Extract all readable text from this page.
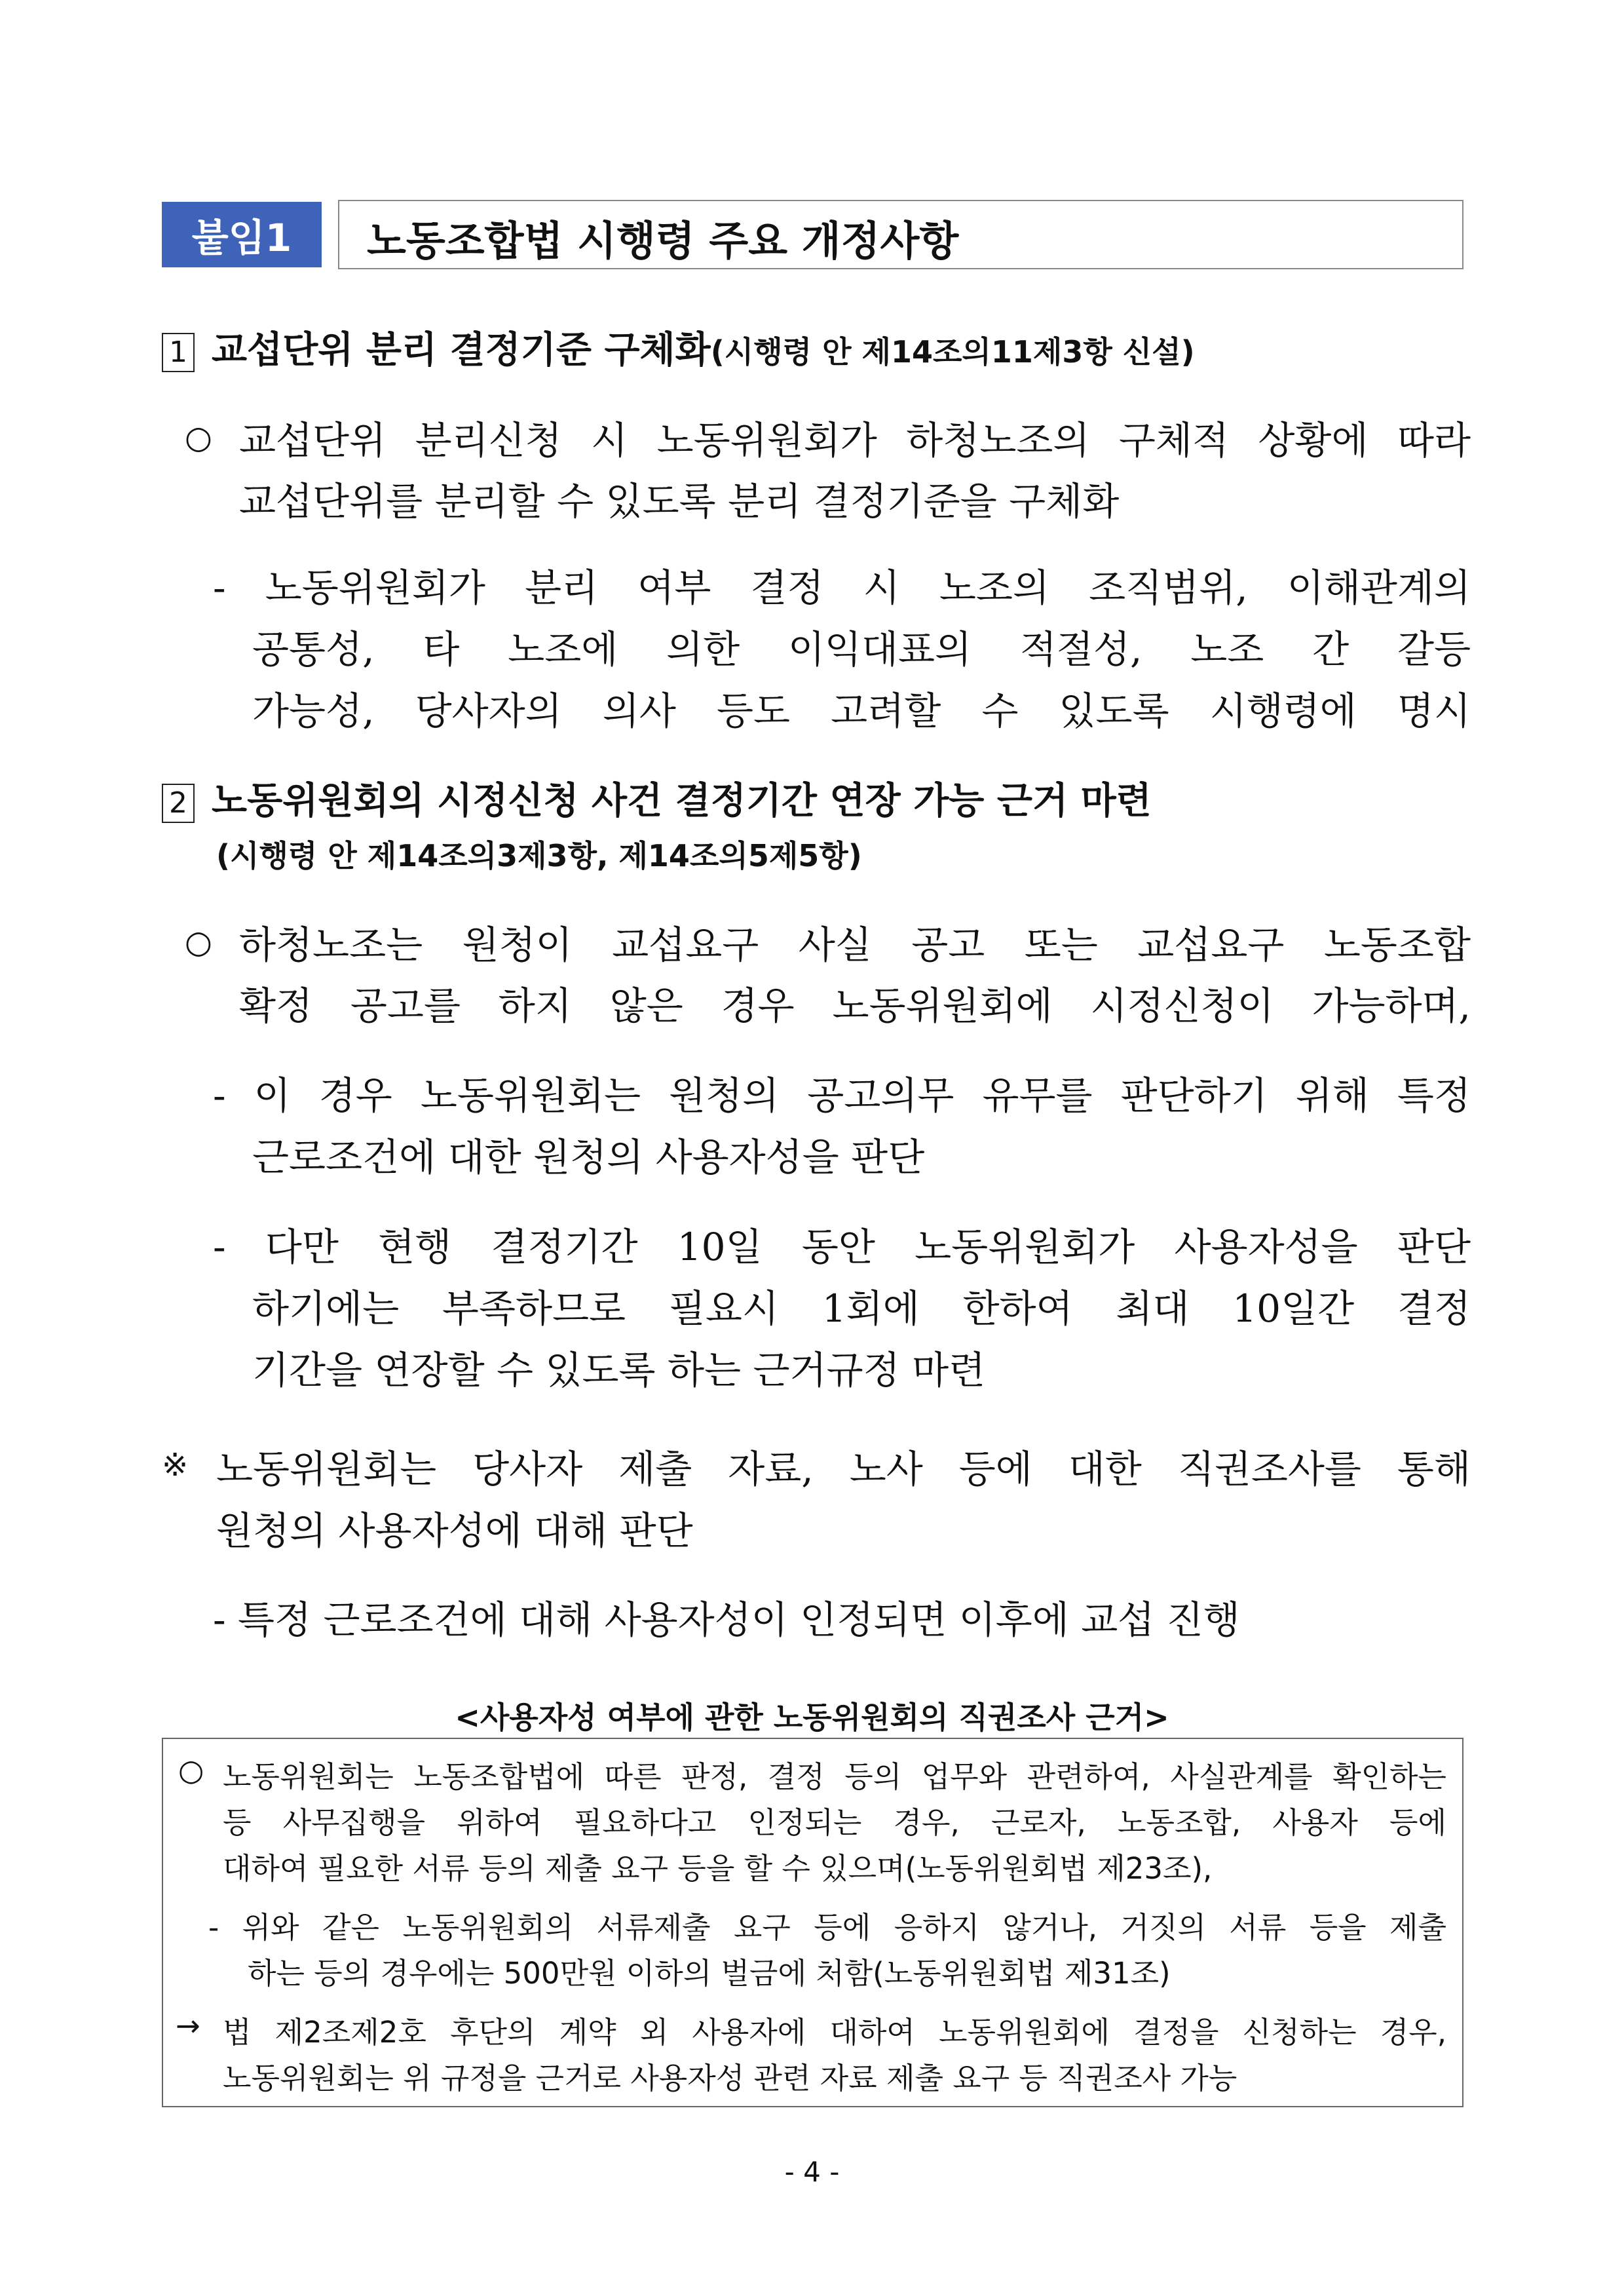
붙임1	노동조합법 시행령 주요 개정사항
1 교섭단위 분리 결정기준 구체화(시행령 안 제14조의11제3항 신설)
○ 교섭단위 분리신청 시 노동위원회가 하청노조의 구체적 상황에 따라
교섭단위를 분리할 수 있도록 분리 결정기준을 구체화
- 노동위원회가 분리 여부 결정 시 노조의 조직범위, 이해관계의
공통성, 타 노조에 의한 이익대표의 적절성, 노조 간 갈등
가능성, 당사자의 의사 등도 고려할 수 있도록 시행령에 명시
2 노동위원회의 시정신청 사건 결정기간 연장 가능 근거 마련
(시행령 안 제14조의3제3항, 제14조의5제5항)
○ 하청노조는 원청이 교섭요구 사실 공고 또는 교섭요구 노동조합
확정 공고를 하지 않은 경우 노동위원회에 시정신청이 가능하며,
- 이 경우 노동위원회는 원청의 공고의무 유무를 판단하기 위해 특정
근로조건에 대한 원청의 사용자성을 판단
- 다만 현행 결정기간 10일 동안 노동위원회가 사용자성을 판단
하기에는 부족하므로 필요시 1회에 한하여 최대 10일간 결정
기간을 연장할 수 있도록 하는 근거규정 마련
※ 노동위원회는 당사자 제출 자료, 노사 등에 대한 직권조사를 통해
원청의 사용자성에 대해 판단
- 특정 근로조건에 대해 사용자성이 인정되면 이후에 교섭 진행
<사용자성 여부에 관한 노동위원회의 직권조사 근거>
○ 노동위원회는 노동조합법에 따른 판정, 결정 등의 업무와 관련하여, 사실관계를 확인하는
등 사무집행을 위하여 필요하다고 인정되는 경우, 근로자, 노동조합, 사용자 등에
대하여 필요한 서류 등의 제출 요구 등을 할 수 있으며(노동위원회법 제23조),
- 위와 같은 노동위원회의 서류제출 요구 등에 응하지 않거나, 거짓의 서류 등을 제출
하는 등의 경우에는 500만원 이하의 벌금에 처함(노동위원회법 제31조)
→ 법 제2조제2호 후단의 계약 외 사용자에 대하여 노동위원회에 결정을 신청하는 경우,
노동위원회는 위 규정을 근거로 사용자성 관련 자료 제출 요구 등 직권조사 가능
- 4 -
